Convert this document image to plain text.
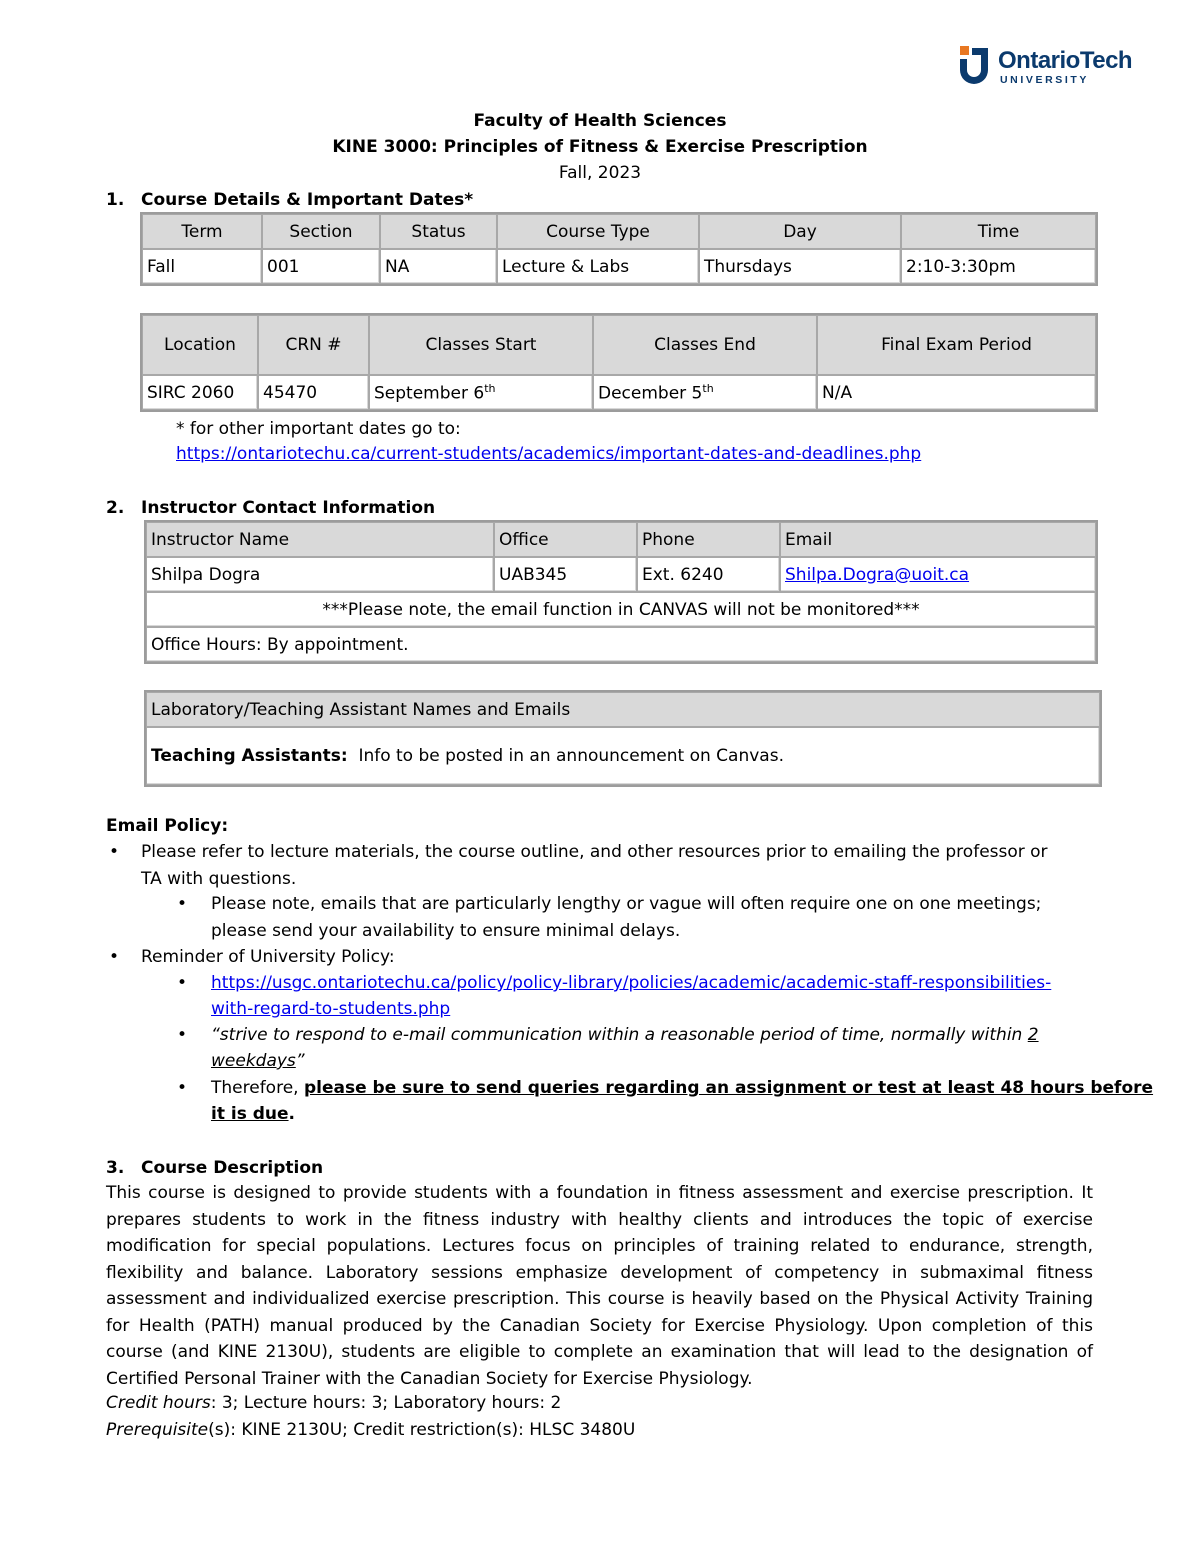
OntarioTech
UNIVERSITY
Faculty of Health Sciences
KINE 3000: Principles of Fitness & Exercise Prescription
Fall, 2023
1. Course Details & Important Dates*
Term	Section	Status	Course Type	Day	Time
Fall	001	NA	Lecture & Labs	Thursdays	2:10-3:30pm
Location	CRN #	Classes Start	Classes End	Final Exam Period
SIRC 2060	45470	September 6th	December 5th	N/A
* for other important dates go to:
https://ontariotechu.ca/current-students/academics/important-dates-and-deadlines.php
2. Instructor Contact Information
Instructor Name	Office	Phone	Email
Shilpa Dogra	UAB345	Ext. 6240	Shilpa.Dogra@uoit.ca
***Please note, the email function in CANVAS will not be monitored***			
Office Hours: By appointment.			
Laboratory/Teaching Assistant Names and Emails
Teaching Assistants: Info to be posted in an announcement on Canvas.
Email Policy:
• Please refer to lecture materials, the course outline, and other resources prior to emailing the professor or
TA with questions.
• Please note, emails that are particularly lengthy or vague will often require one on one meetings;
please send your availability to ensure minimal delays.
• Reminder of University Policy:
• https://usgc.ontariotechu.ca/policy/policy-library/policies/academic/academic-staff-responsibilities-
with-regard-to-students.php
• “strive to respond to e-mail communication within a reasonable period of time, normally within 2
weekdays”
• Therefore, please be sure to send queries regarding an assignment or test at least 48 hours before
it is due.
3. Course Description
This course is designed to provide students with a foundation in fitness assessment and exercise prescription. It prepares students to work in the fitness industry with healthy clients and introduces the topic of exercise modification for special populations. Lectures focus on principles of training related to endurance, strength, flexibility and balance. Laboratory sessions emphasize development of competency in submaximal fitness assessment and individualized exercise prescription. This course is heavily based on the Physical Activity Training for Health (PATH) manual produced by the Canadian Society for Exercise Physiology. Upon completion of this course (and KINE 2130U), students are eligible to complete an examination that will lead to the designation of Certified Personal Trainer with the Canadian Society for Exercise Physiology.
Credit hours: 3; Lecture hours: 3; Laboratory hours: 2
Prerequisite(s): KINE 2130U; Credit restriction(s): HLSC 3480U
